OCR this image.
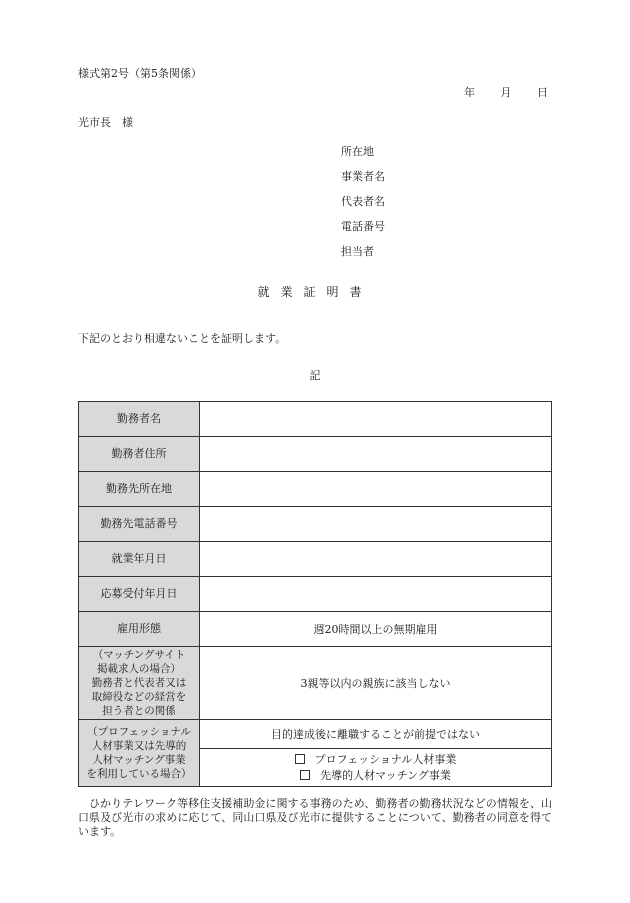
様式第2号（第5条関係）
年 月 日
光市長　様
所在地
事業者名
代表者名
電話番号
担当者
就業証明書
下記のとおり相違ないことを証明します。
記
勤務者名	
勤務者住所	
勤務先所在地	
勤務先電話番号	
就業年月日	
応募受付年月日	
雇用形態	週20時間以上の無期雇用

（マッチングサイト
掲載求人の場合）
勤務者と代表者又は
取締役などの経営を
担う者との関係	3親等以内の親族に該当しない

（プロフェッショナル
人材事業又は先導的
人材マッチング事業
を利用している場合）	目的達成後に離職することが前提ではない

	プロフェッショナル人材事業
先導的人材マッチング事業
ひかりテレワーク等移住支援補助金に関する事務のため、勤務者の勤務状況などの情報を、山口県及び光市の求めに応じて、同山口県及び光市に提供することについて、勤務者の同意を得ています。
